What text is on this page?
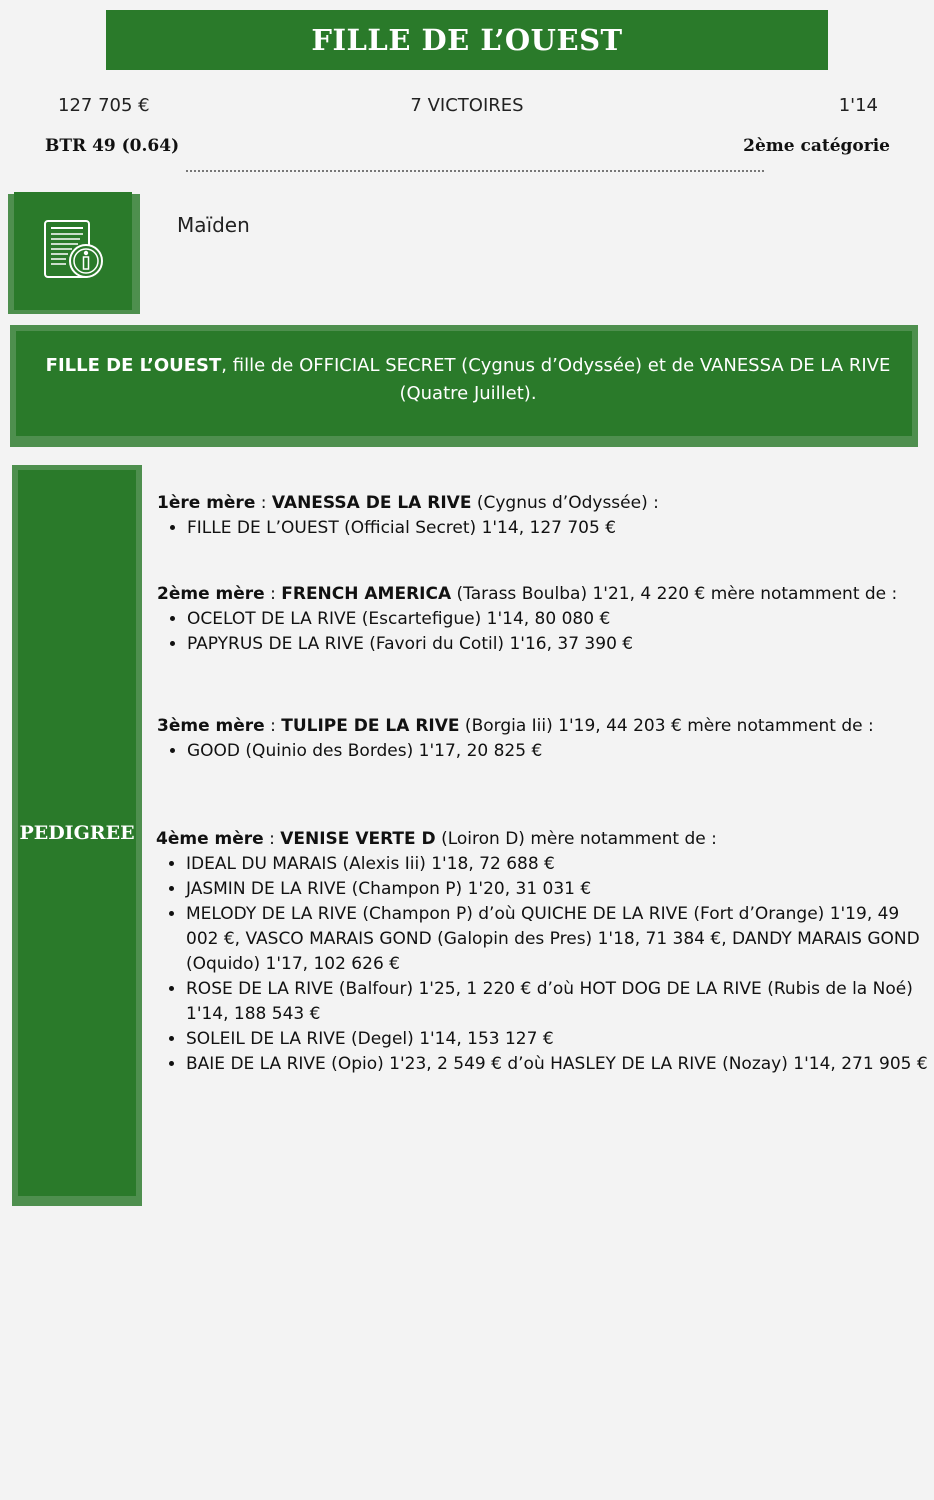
FILLE DE L’OUEST
127 705 €	7 VICTOIRES	1'14
BTR 49 (0.64)	2ème catégorie
Maïden
FILLE DE L’OUEST, fille de OFFICIAL SECRET (Cygnus d’Odyssée) et de VANESSA DE LA RIVE (Quatre Juillet).
PEDIGREE
1ère mère : VANESSA DE LA RIVE (Cygnus d’Odyssée) :
• FILLE DE L’OUEST (Official Secret) 1'14, 127 705 €
2ème mère : FRENCH AMERICA (Tarass Boulba) 1'21, 4 220 € mère notamment de :
• OCELOT DE LA RIVE (Escartefigue) 1'14, 80 080 €
• PAPYRUS DE LA RIVE (Favori du Cotil) 1'16, 37 390 €
3ème mère : TULIPE DE LA RIVE (Borgia Iii) 1'19, 44 203 € mère notamment de :
• GOOD (Quinio des Bordes) 1'17, 20 825 €
4ème mère : VENISE VERTE D (Loiron D) mère notamment de :
• IDEAL DU MARAIS (Alexis Iii) 1'18, 72 688 €
• JASMIN DE LA RIVE (Champon P) 1'20, 31 031 €
• MELODY DE LA RIVE (Champon P) d’où QUICHE DE LA RIVE (Fort d’Orange) 1'19, 49 002 €, VASCO MARAIS GOND (Galopin des Pres) 1'18, 71 384 €, DANDY MARAIS GOND (Oquido) 1'17, 102 626 €
• ROSE DE LA RIVE (Balfour) 1'25, 1 220 € d’où HOT DOG DE LA RIVE (Rubis de la Noé) 1'14, 188 543 €
• SOLEIL DE LA RIVE (Degel) 1'14, 153 127 €
• BAIE DE LA RIVE (Opio) 1'23, 2 549 € d’où HASLEY DE LA RIVE (Nozay) 1'14, 271 905 €
